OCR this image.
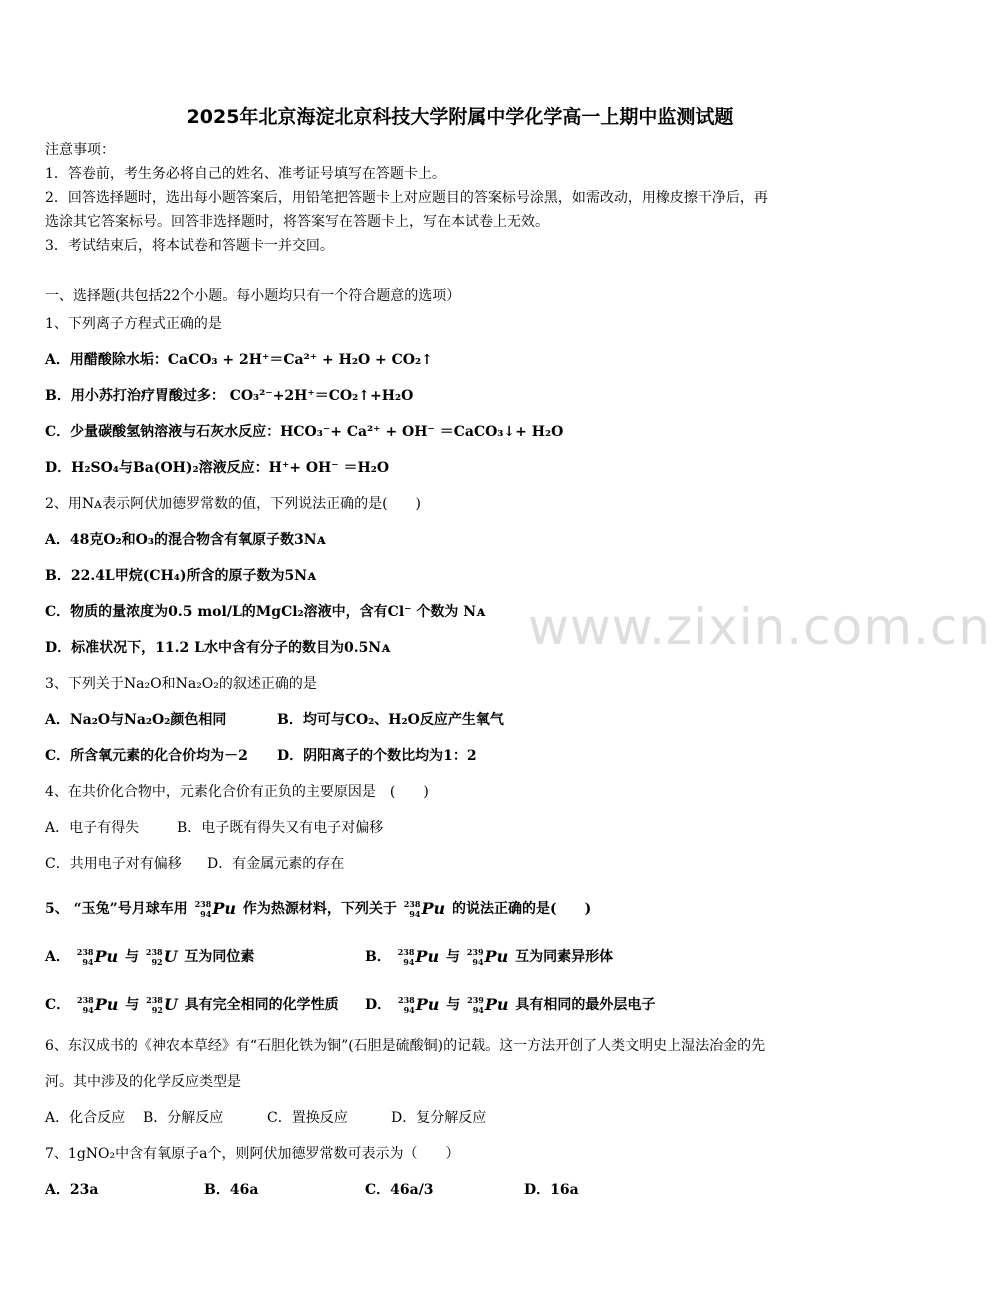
www.zixin.com.cn
2025年北京海淀北京科技大学附属中学化学高一上期中监测试题
注意事项：
1．答卷前，考生务必将自己的姓名、准考证号填写在答题卡上。
2．回答选择题时，选出每小题答案后，用铅笔把答题卡上对应题目的答案标号涂黑，如需改动，用橡皮擦干净后，再
选涂其它答案标号。回答非选择题时，将答案写在答题卡上，写在本试卷上无效。
3．考试结束后，将本试卷和答题卡一并交回。
一、选择题(共包括22个小题。每小题均只有一个符合题意的选项）
1、下列离子方程式正确的是
A．用醋酸除水垢：CaCO₃ + 2H⁺＝Ca²⁺ + H₂O + CO₂↑
B．用小苏打治疗胃酸过多： CO₃²⁻+2H⁺＝CO₂↑+H₂O
C．少量碳酸氢钠溶液与石灰水反应：HCO₃⁻+ Ca²⁺ + OH⁻ ＝CaCO₃↓+ H₂O
D．H₂SO₄与Ba(OH)₂溶液反应：H⁺+ OH⁻ ＝H₂O
2、用Nᴀ表示阿伏加德罗常数的值，下列说法正确的是(　　)
A．48克O₂和O₃的混合物含有氧原子数3Nᴀ
B．22.4L甲烷(CH₄)所含的原子数为5Nᴀ
C．物质的量浓度为0.5 mol/L的MgCl₂溶液中，含有Cl⁻ 个数为 Nᴀ
D．标准状况下，11.2 L水中含有分子的数目为0.5Nᴀ
3、下列关于Na₂O和Na₂O₂的叙述正确的是
A．Na₂O与Na₂O₂颜色相同	B．均可与CO₂、H₂O反应产生氧气
C．所含氧元素的化合价均为－2 D．阴阳离子的个数比均为1：2
4、在共价化合物中，元素化合价有正负的主要原因是　(　　)
A．电子有得失	B．电子既有得失又有电子对偏移
C．共用电子对有偏移 D．有金属元素的存在
5、 “玉兔”号月球车用 238
94 Pu 作为热源材料，下列关于 238
94 Pu 的说法正确的是(　　)
A． 238
94 Pu 与 238
92 U 互为同位素	B． 238
94 Pu 与 239
94 Pu 互为同素异形体
C． 238
94 Pu 与 238
92 U 具有完全相同的化学性质 D． 238
94 Pu 与 239
94 Pu 具有相同的最外层电子
6、东汉成书的《神农本草经》有“石胆化铁为铜”(石胆是硫酸铜)的记载。这一方法开创了人类文明史上湿法冶金的先
河。其中涉及的化学反应类型是
A．化合反应 B．分解反应	C．置换反应	D．复分解反应
7、1gNO₂中含有氧原子a个，则阿伏加德罗常数可表示为（　　）
A．23a	B．46a	C．46a/3	D．16a
